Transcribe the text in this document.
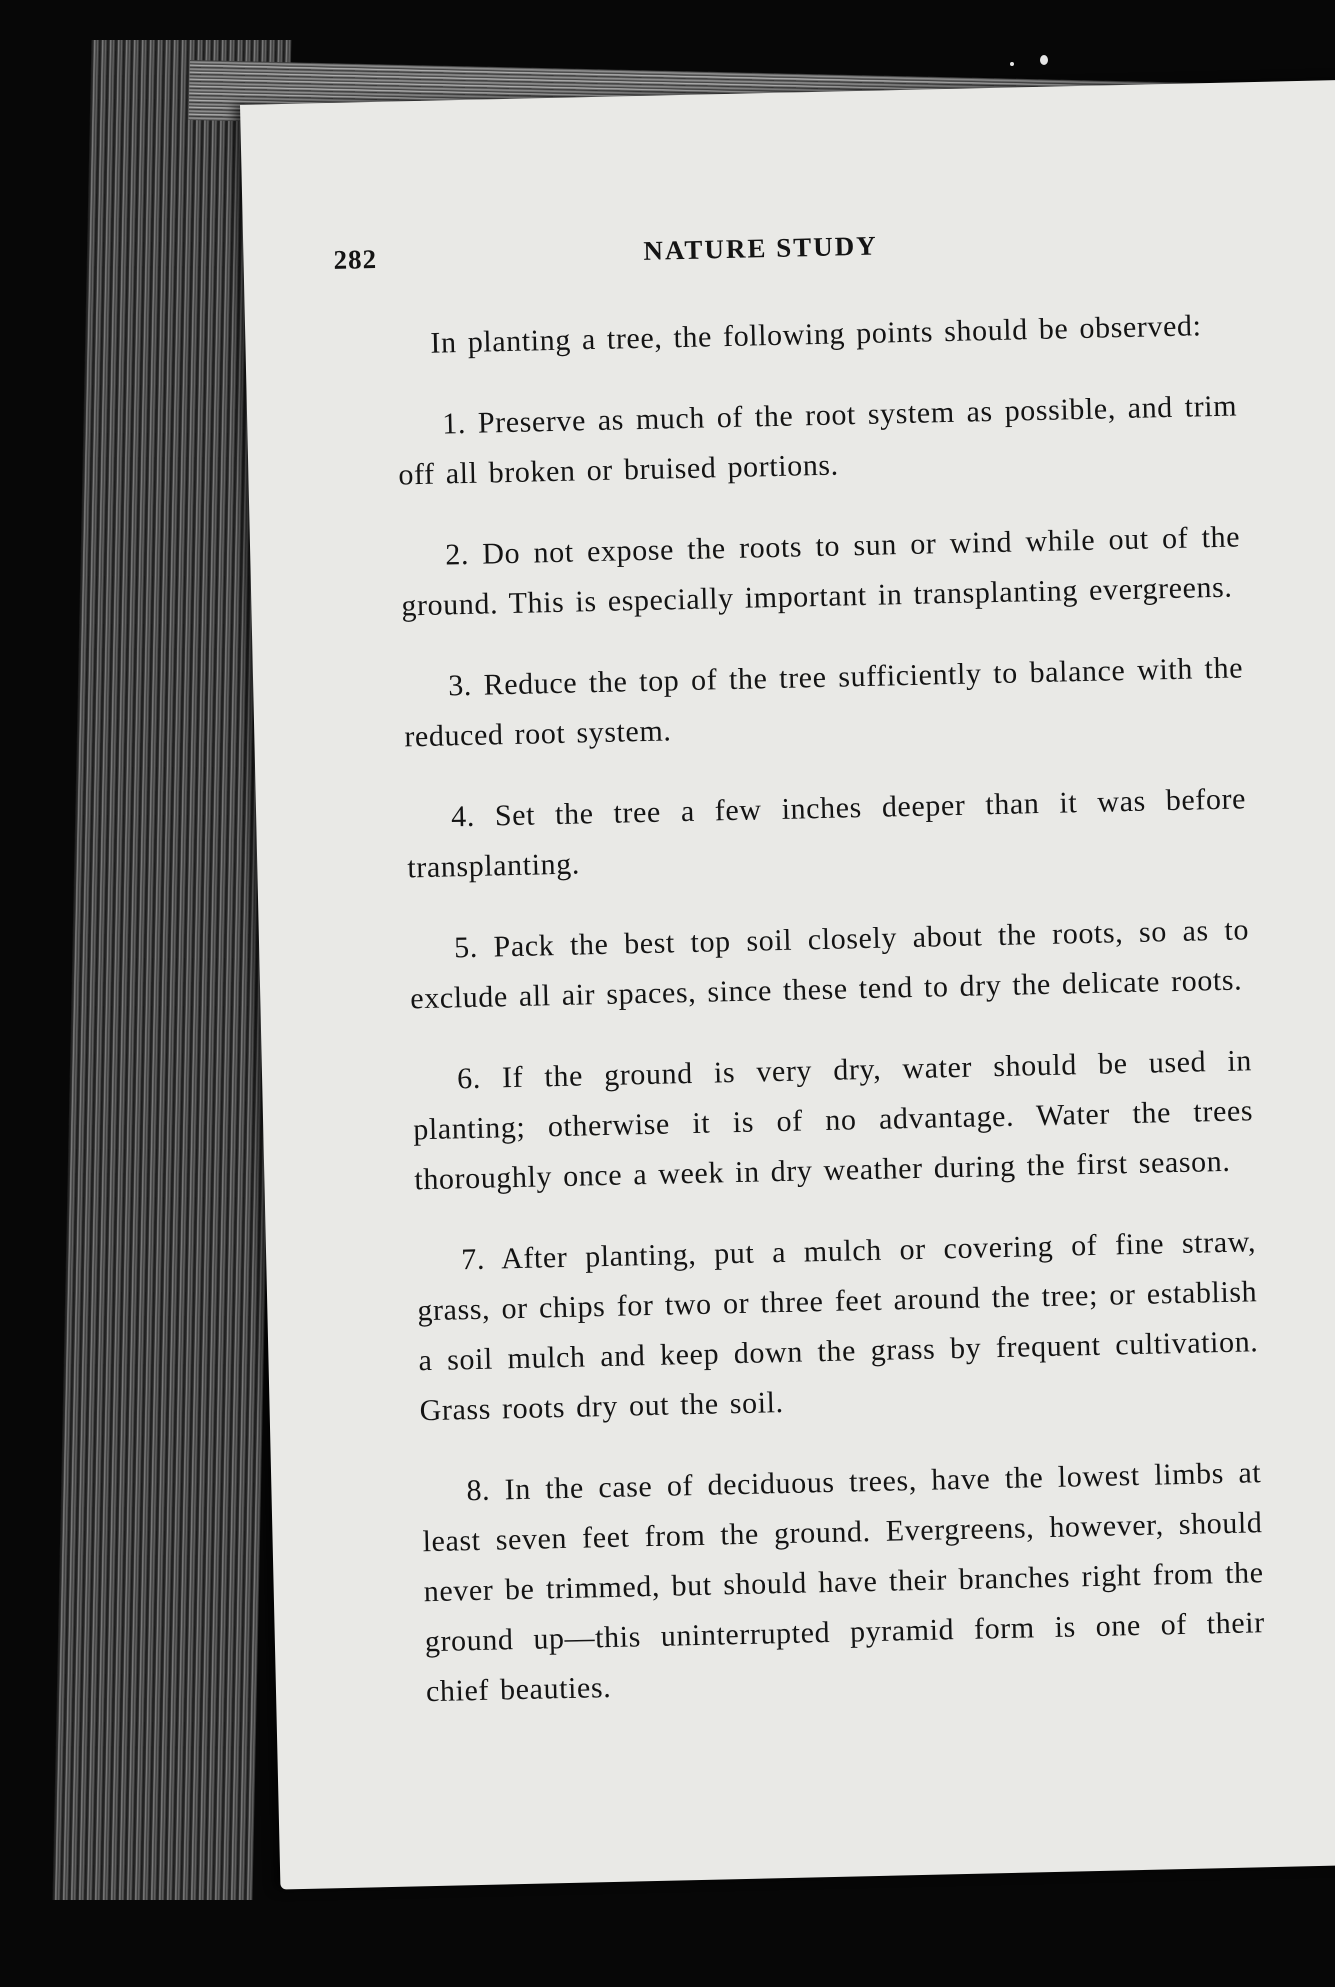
282	NATURE STUDY

In planting a tree, the following points should be observed:

1. Preserve as much of the root system as possible, and trim off all broken or bruised portions.

2. Do not expose the roots to sun or wind while out of the ground. This is especially important in transplanting evergreens.

3. Reduce the top of the tree sufficiently to balance with the reduced root system.

4. Set the tree a few inches deeper than it was before transplanting.

5. Pack the best top soil closely about the roots, so as to exclude all air spaces, since these tend to dry the delicate roots.

6. If the ground is very dry, water should be used in planting; otherwise it is of no advantage. Water the trees thoroughly once a week in dry weather during the first season.

7. After planting, put a mulch or covering of fine straw, grass, or chips for two or three feet around the tree; or establish a soil mulch and keep down the grass by frequent cultivation. Grass roots dry out the soil.

8. In the case of deciduous trees, have the lowest limbs at least seven feet from the ground. Evergreens, however, should never be trimmed, but should have their branches right from the ground up—this uninterrupted pyramid form is one of their chief beauties.
